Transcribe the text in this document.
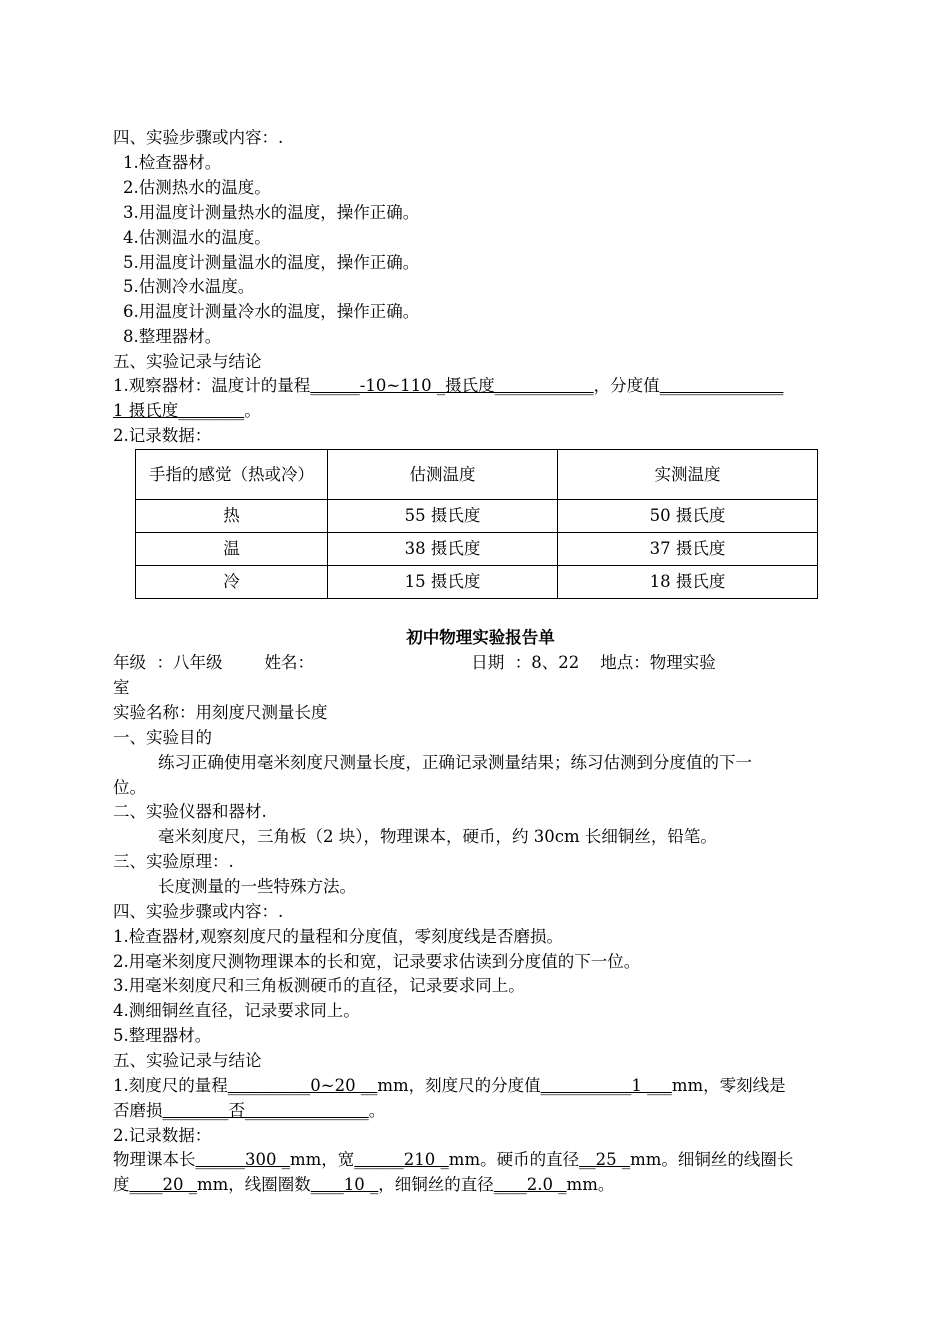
四、实验步骤或内容：.
1.检查器材。
2.估测热水的温度。
3.用温度计测量热水的温度，操作正确。
4.估测温水的温度。
5.用温度计测量温水的温度，操作正确。
5.估测冷水温度。
6.用温度计测量冷水的温度，操作正确。
8.整理器材。
五、实验记录与结论
1.观察器材：温度计的量程______-10~110 _摄氏度____________，分度值_______________
1 摄氏度________。
2.记录数据：
手指的感觉（热或冷）	估测温度	实测温度
热	55 摄氏度	50 摄氏度
温	38 摄氏度	37 摄氏度
冷	15 摄氏度	18 摄氏度
初中物理实验报告单
年级  ：八年级        姓名：                              日期  ：8、22    地点：物理实验
室
实验名称：用刻度尺测量长度
一、实验目的
练习正确使用毫米刻度尺测量长度，正确记录测量结果；练习估测到分度值的下一
位。
二、实验仪器和器材.
毫米刻度尺，三角板（2 块），物理课本，硬币，约 30cm 长细铜丝，铅笔。
三、实验原理：.
长度测量的一些特殊方法。
四、实验步骤或内容：.
1.检查器材,观察刻度尺的量程和分度值，零刻度线是否磨损。
2.用毫米刻度尺测物理课本的长和宽，记录要求估读到分度值的下一位。
3.用毫米刻度尺和三角板测硬币的直径，记录要求同上。
4.测细铜丝直径，记录要求同上。
5.整理器材。
五、实验记录与结论
1.刻度尺的量程__________0~20 __mm，刻度尺的分度值___________1 ___mm，零刻线是
否磨损________否_______________。
2.记录数据：
物理课本长______300 _mm，宽______210 _mm。硬币的直径__25 _mm。细铜丝的线圈长
度____20 _mm，线圈圈数____10 _，细铜丝的直径____2.0 _mm。
